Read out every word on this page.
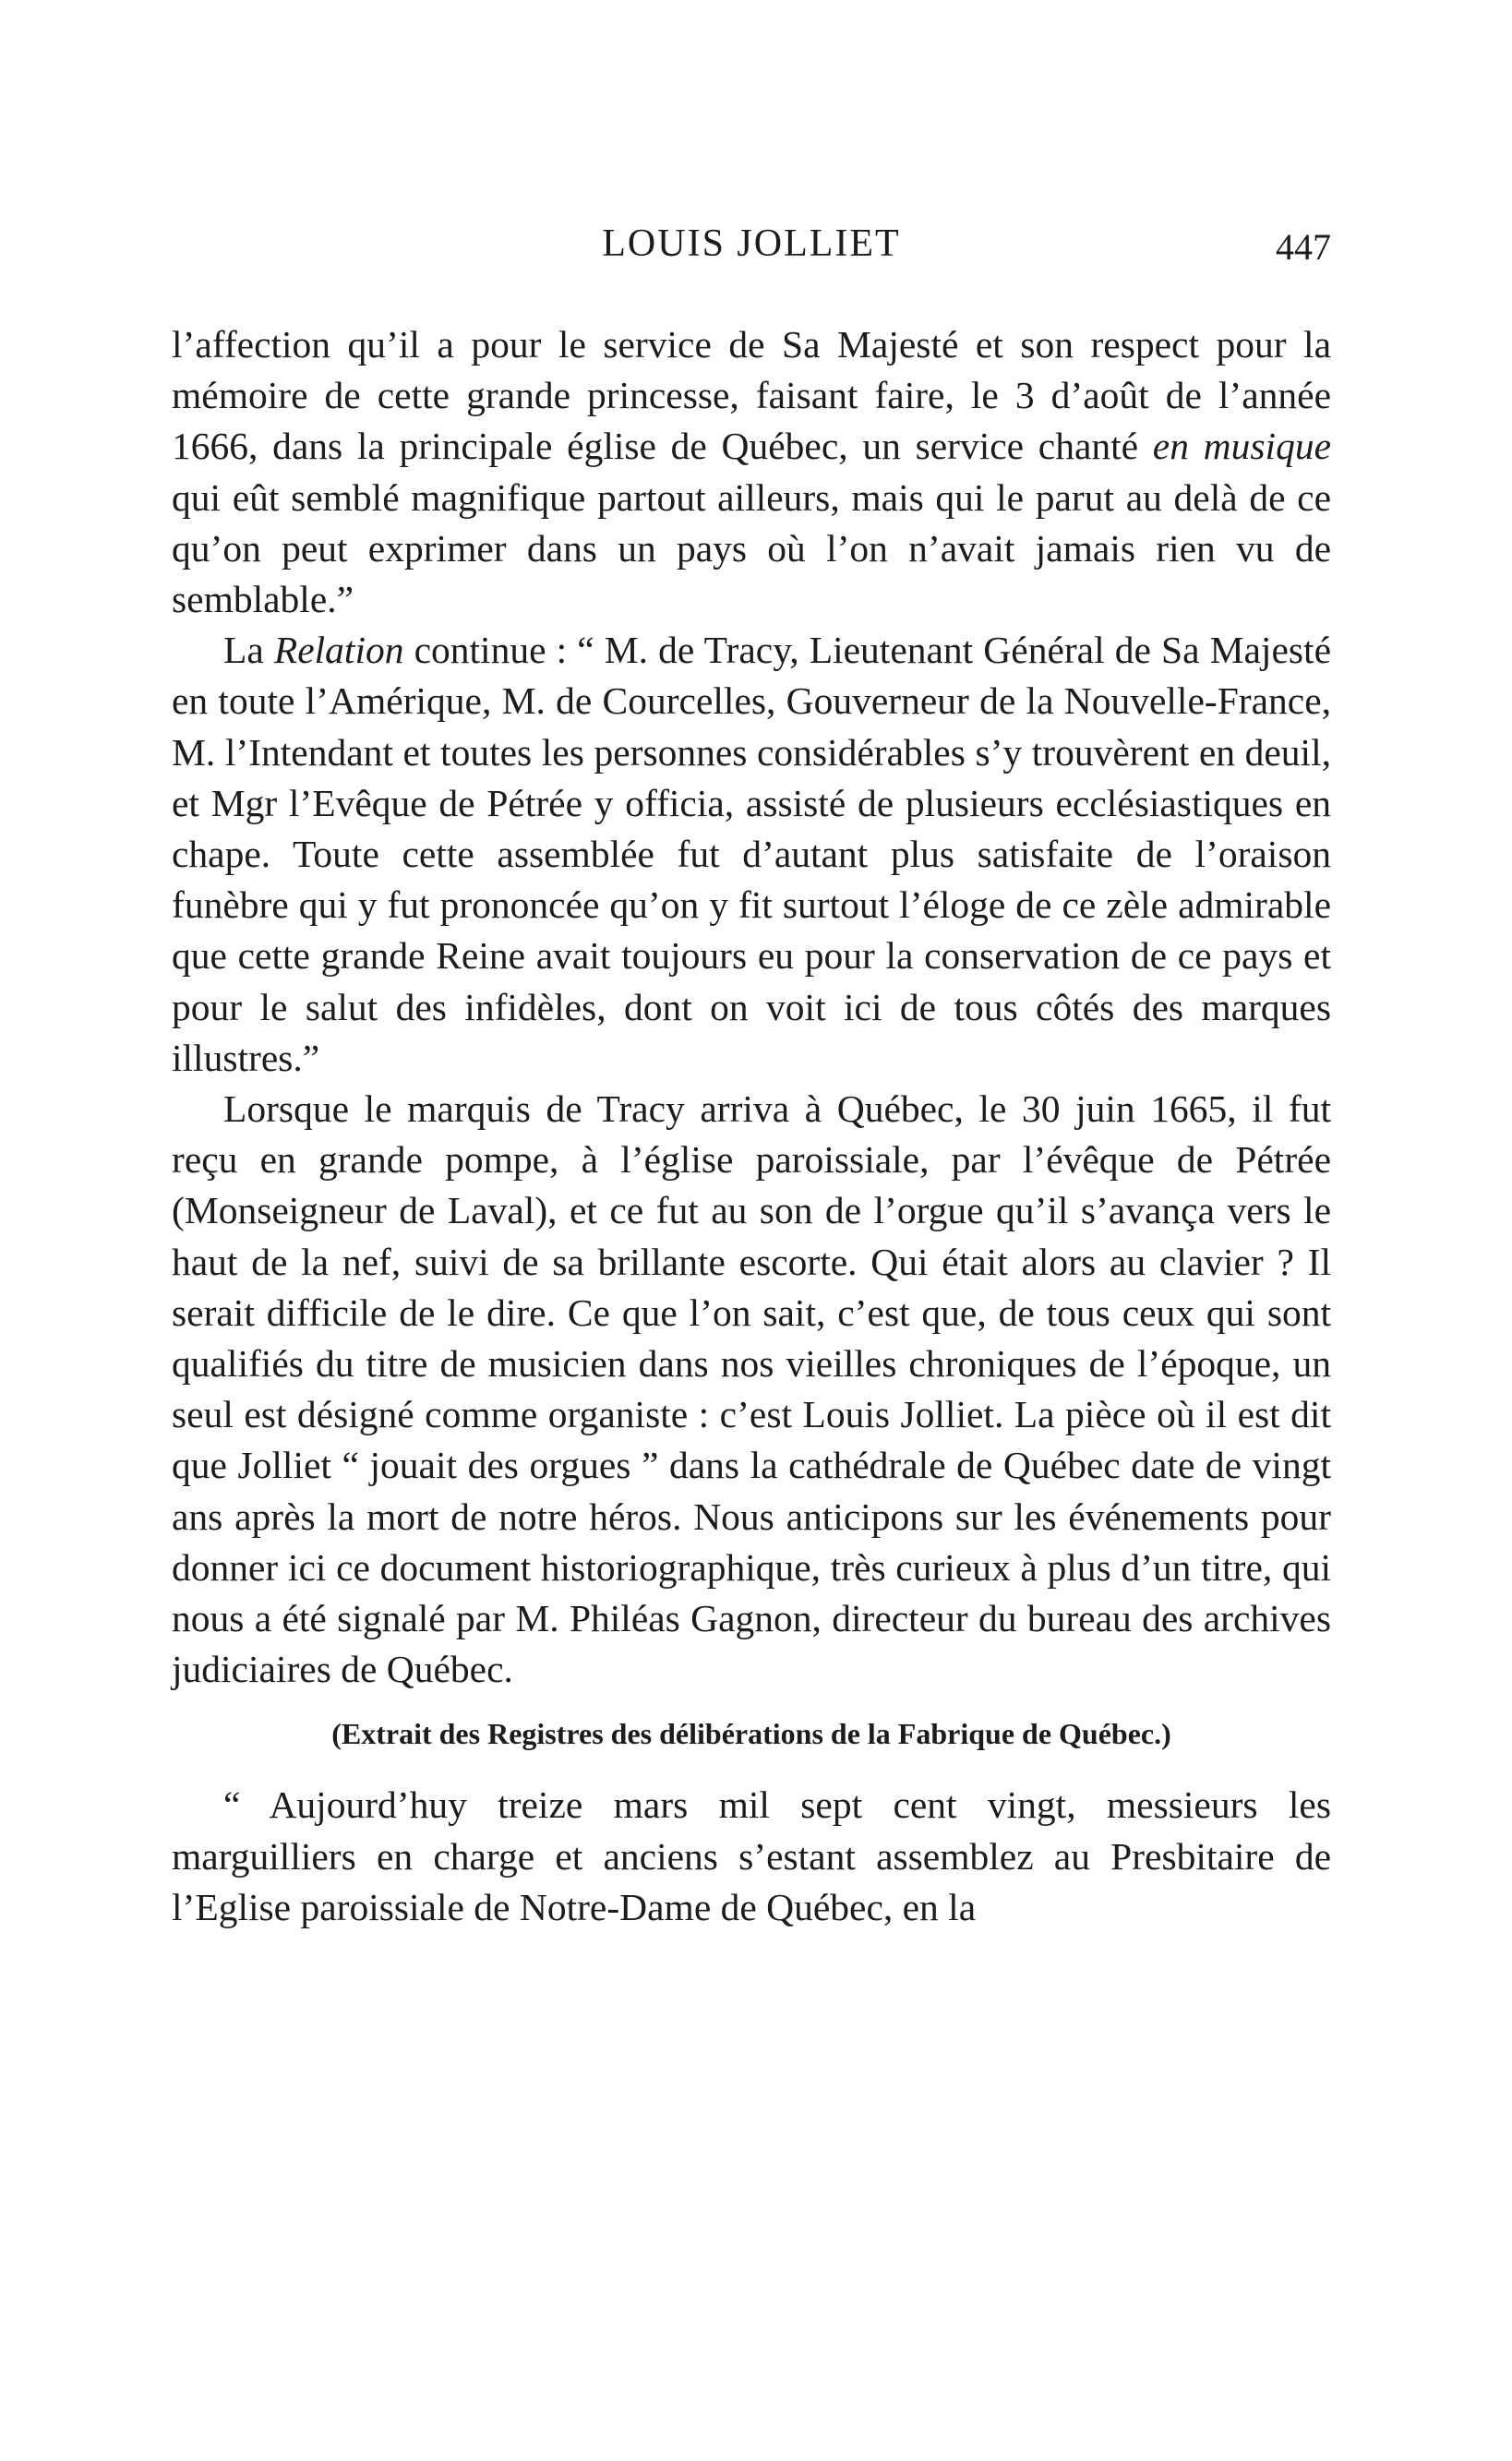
LOUIS JOLLIET	447

l’affection qu’il a pour le service de Sa Majesté et son respect pour la mémoire de cette grande princesse, faisant faire, le 3 d’août de l’année 1666, dans la principale église de Québec, un service chanté en musique qui eût semblé magnifique partout ailleurs, mais qui le parut au delà de ce qu’on peut exprimer dans un pays où l’on n’avait jamais rien vu de semblable.”

La Relation continue : “ M. de Tracy, Lieutenant Général de Sa Majesté en toute l’Amérique, M. de Courcelles, Gouverneur de la Nouvelle-France, M. l’Intendant et toutes les personnes considérables s’y trouvèrent en deuil, et Mgr l’Evêque de Pétrée y officia, assisté de plusieurs ecclésiastiques en chape. Toute cette assemblée fut d’autant plus satisfaite de l’oraison funèbre qui y fut prononcée qu’on y fit surtout l’éloge de ce zèle admirable que cette grande Reine avait toujours eu pour la conservation de ce pays et pour le salut des infidèles, dont on voit ici de tous côtés des marques illustres.”

Lorsque le marquis de Tracy arriva à Québec, le 30 juin 1665, il fut reçu en grande pompe, à l’église paroissiale, par l’évêque de Pétrée (Monseigneur de Laval), et ce fut au son de l’orgue qu’il s’avança vers le haut de la nef, suivi de sa brillante escorte. Qui était alors au clavier ? Il serait difficile de le dire. Ce que l’on sait, c’est que, de tous ceux qui sont qualifiés du titre de musicien dans nos vieilles chroniques de l’époque, un seul est désigné comme organiste : c’est Louis Jolliet. La pièce où il est dit que Jolliet “ jouait des orgues ” dans la cathédrale de Québec date de vingt ans après la mort de notre héros. Nous anticipons sur les événements pour donner ici ce document historiographique, très curieux à plus d’un titre, qui nous a été signalé par M. Philéas Gagnon, directeur du bureau des archives judiciaires de Québec.

(Extrait des Registres des délibérations de la Fabrique de Québec.)

“ Aujourd’huy treize mars mil sept cent vingt, messieurs les marguilliers en charge et anciens s’estant assemblez au Presbitaire de l’Eglise paroissiale de Notre-Dame de Québec, en la
